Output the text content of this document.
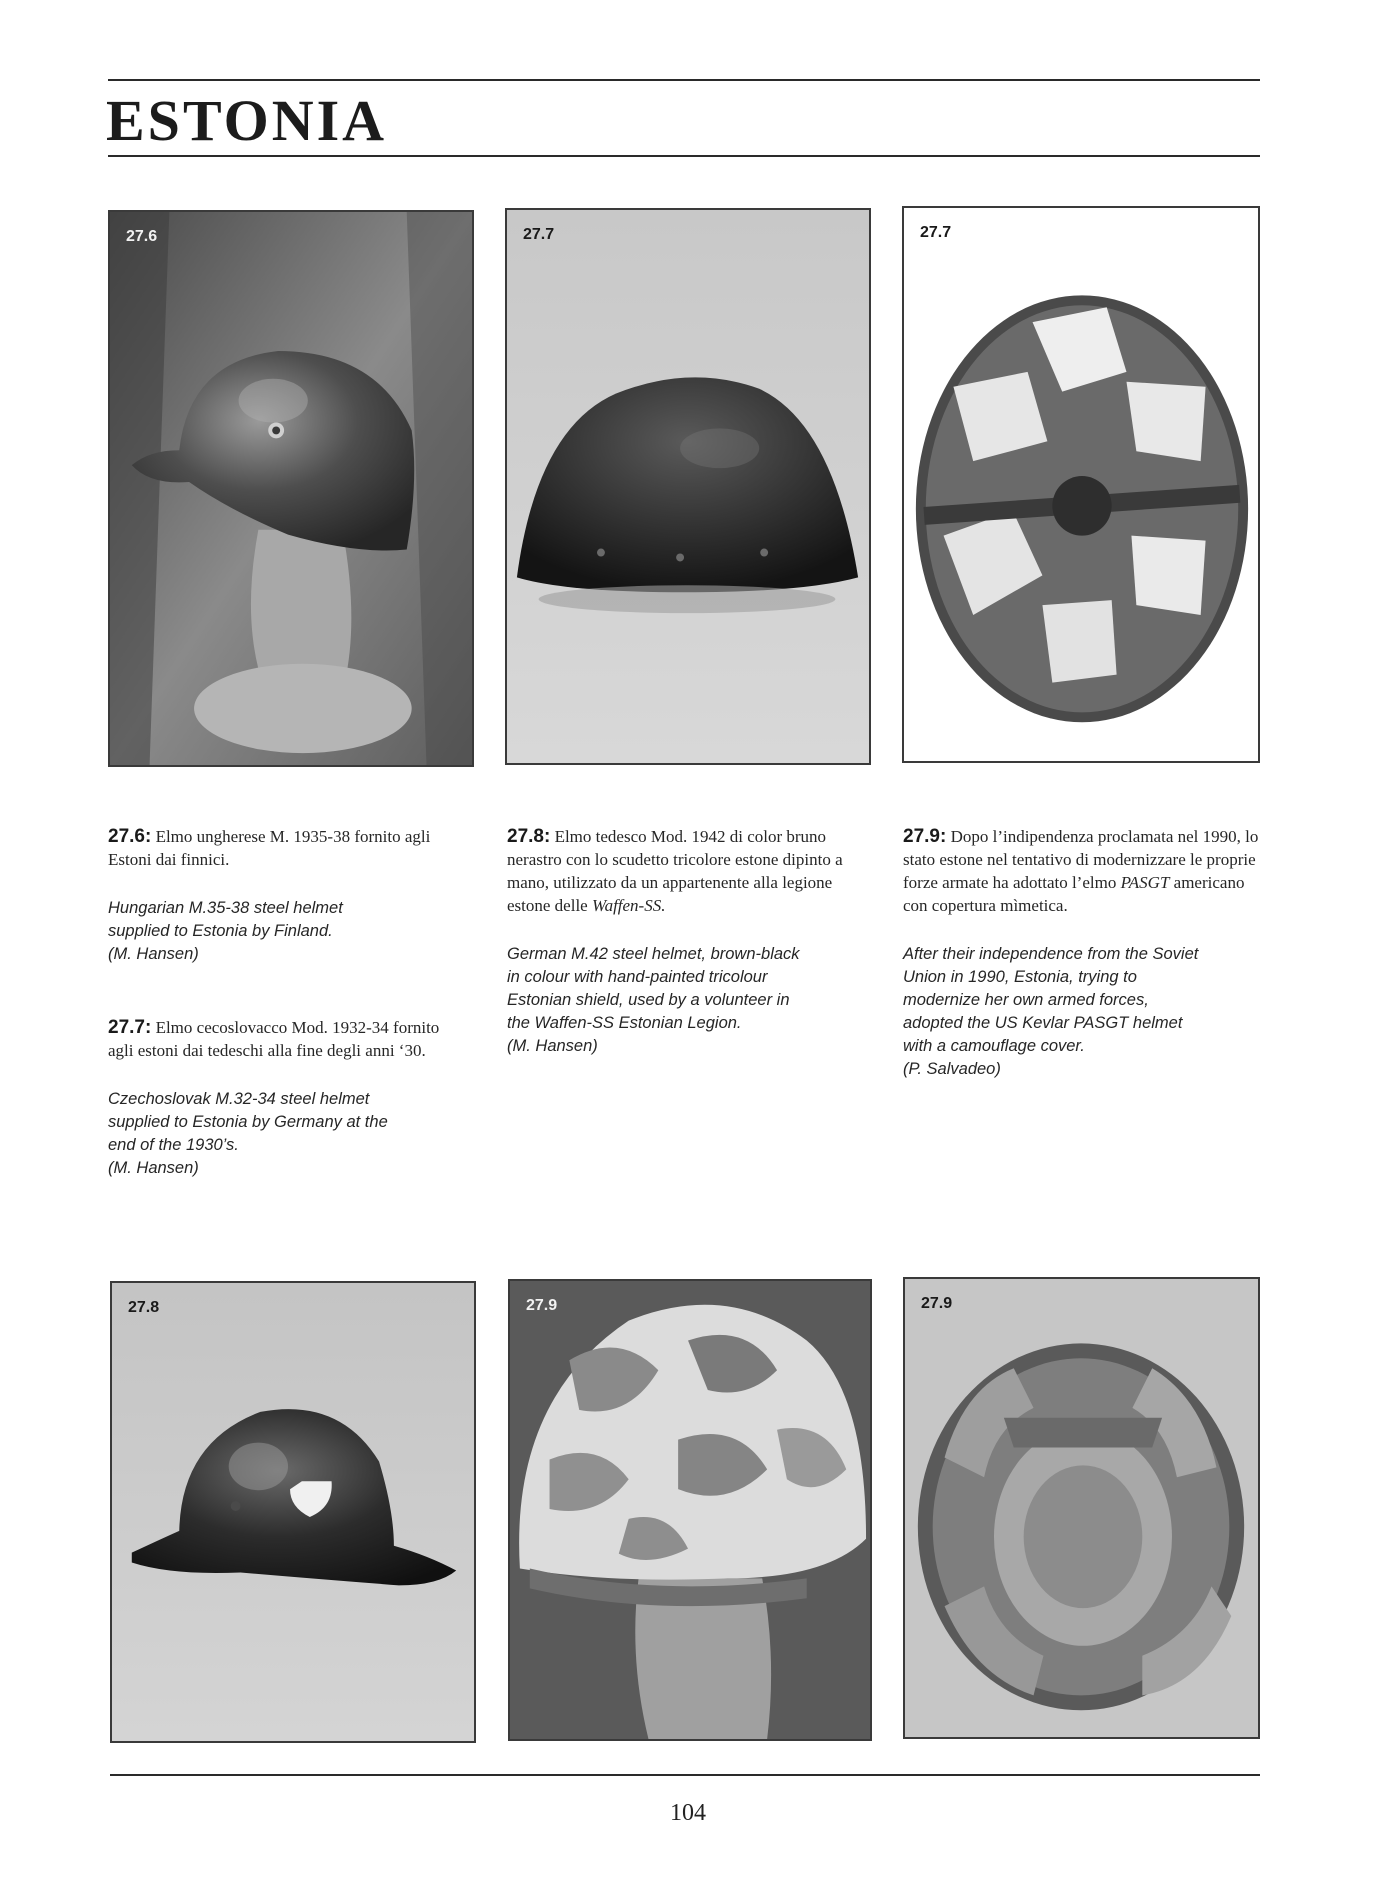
ESTONIA
27.6	27.7	27.7
27.6: Elmo ungherese M. 1935-38 fornito agli Estoni dai finnici.
Hungarian M.35-38 steel helmet
supplied to Estonia by Finland.
(M. Hansen)
27.7: Elmo cecoslovacco Mod. 1932-34 fornito agli estoni dai tedeschi alla fine degli anni ‘30.
Czechoslovak M.32-34 steel helmet
supplied to Estonia by Germany at the
end of the 1930’s.
(M. Hansen)
27.8: Elmo tedesco Mod. 1942 di color bruno nerastro con lo scudetto tricolore estone dipinto a mano, utilizzato da un appartenente alla legione estone delle Waffen-SS.
German M.42 steel helmet, brown-black
in colour with hand-painted tricolour
Estonian shield, used by a volunteer in
the Waffen-SS Estonian Legion.
(M. Hansen)
27.9: Dopo l’indipendenza proclamata nel 1990, lo stato estone nel tentativo di modernizzare le proprie forze armate ha adottato l’elmo PASGT americano con copertura mìmetica.
After their independence from the Soviet
Union in 1990, Estonia, trying to
modernize her own armed forces,
adopted the US Kevlar PASGT helmet
with a camouflage cover.
(P. Salvadeo)
27.8	27.9	27.9
104
